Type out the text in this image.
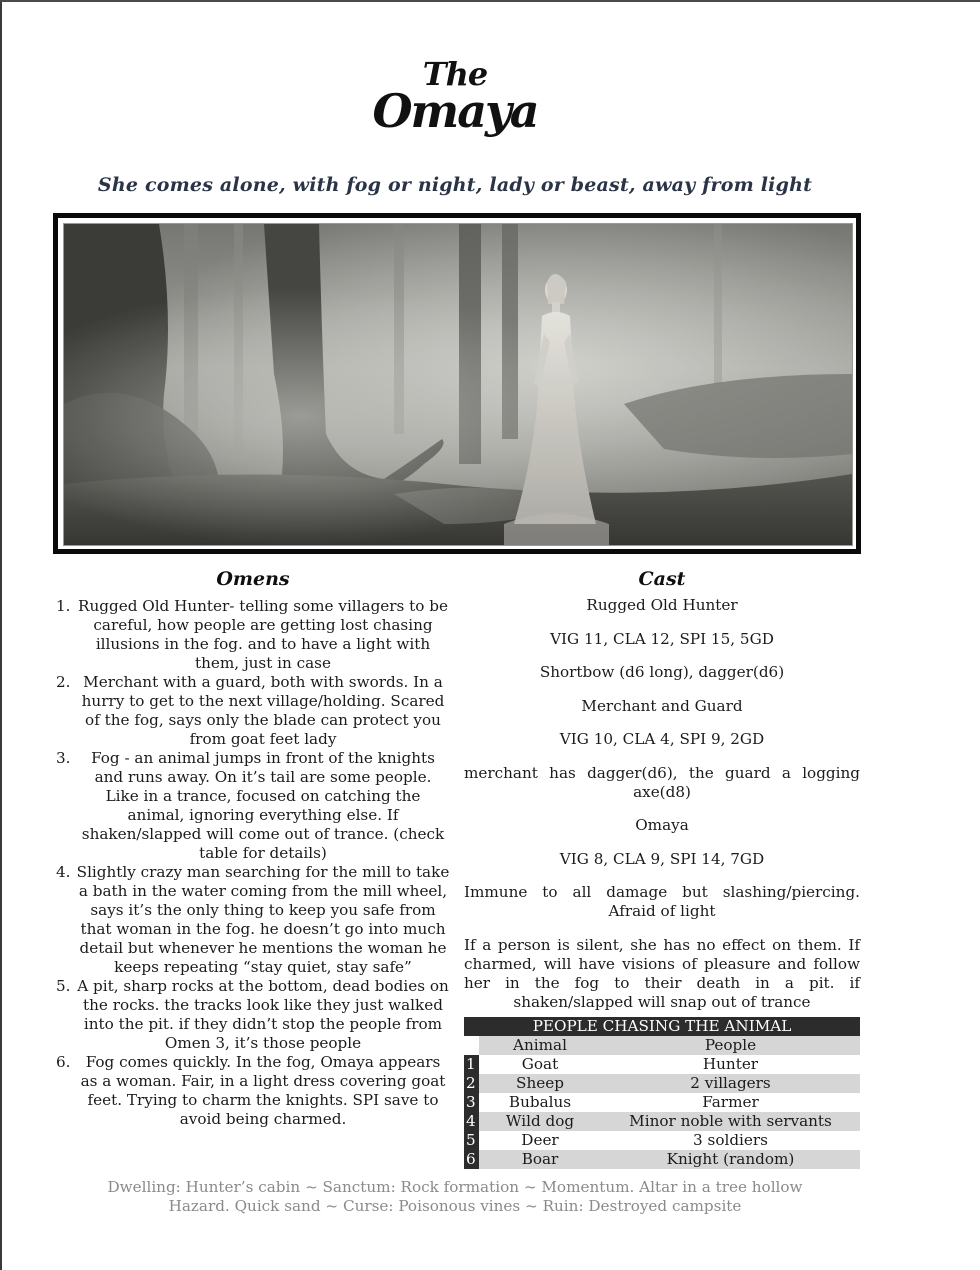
The
Omaya
She comes alone, with fog or night, lady or beast, away from light
Omens	Cast
1. Rugged Old Hunter- telling some villagers to be careful, how people are getting lost chasing illusions in the fog. and to have a light with them, just in case
2. Merchant with a guard, both with swords. In a hurry to get to the next village/holding. Scared of the fog, says only the blade can protect you from goat feet lady
3. Fog - an animal jumps in front of the knights and runs away. On it’s tail are some people. Like in a trance, focused on catching the animal, ignoring everything else. If shaken/slapped will come out of trance. (check table for details)
4. Slightly crazy man searching for the mill to take a bath in the water coming from the mill wheel, says it’s the only thing to keep you safe from that woman in the fog. he doesn’t go into much detail but whenever he mentions the woman he keeps repeating “stay quiet, stay safe”
5. A pit, sharp rocks at the bottom, dead bodies on the rocks. the tracks look like they just walked into the pit. if they didn’t stop the people from Omen 3, it’s those people
6. Fog comes quickly. In the fog, Omaya appears as a woman. Fair, in a light dress covering goat feet. Trying to charm the knights. SPI save to avoid being charmed.

Rugged Old Hunter

VIG 11, CLA 12, SPI 15, 5GD

Shortbow (d6 long), dagger(d6)

Merchant and Guard

VIG 10, CLA 4, SPI 9, 2GD

merchant has dagger(d6), the guard a logging axe(d8)

Omaya

VIG 8, CLA 9, SPI 14, 7GD

Immune to all damage but slashing/piercing. Afraid of light

If a person is silent, she has no effect on them. If charmed, will have visions of pleasure and follow her in the fog to their death in a pit. if shaken/slapped will snap out of trance

PEOPLE CHASING THE ANIMAL		
	Animal	People
1	Goat	Hunter
2	Sheep	2 villagers
3	Bubalus	Farmer
4	Wild dog	Minor noble with servants
5	Deer	3 soldiers
6	Boar	Knight (random)
Dwelling: Hunter’s cabin ~ Sanctum: Rock formation ~ Momentum. Altar in a tree hollow
Hazard. Quick sand ~ Curse: Poisonous vines ~ Ruin: Destroyed campsite
